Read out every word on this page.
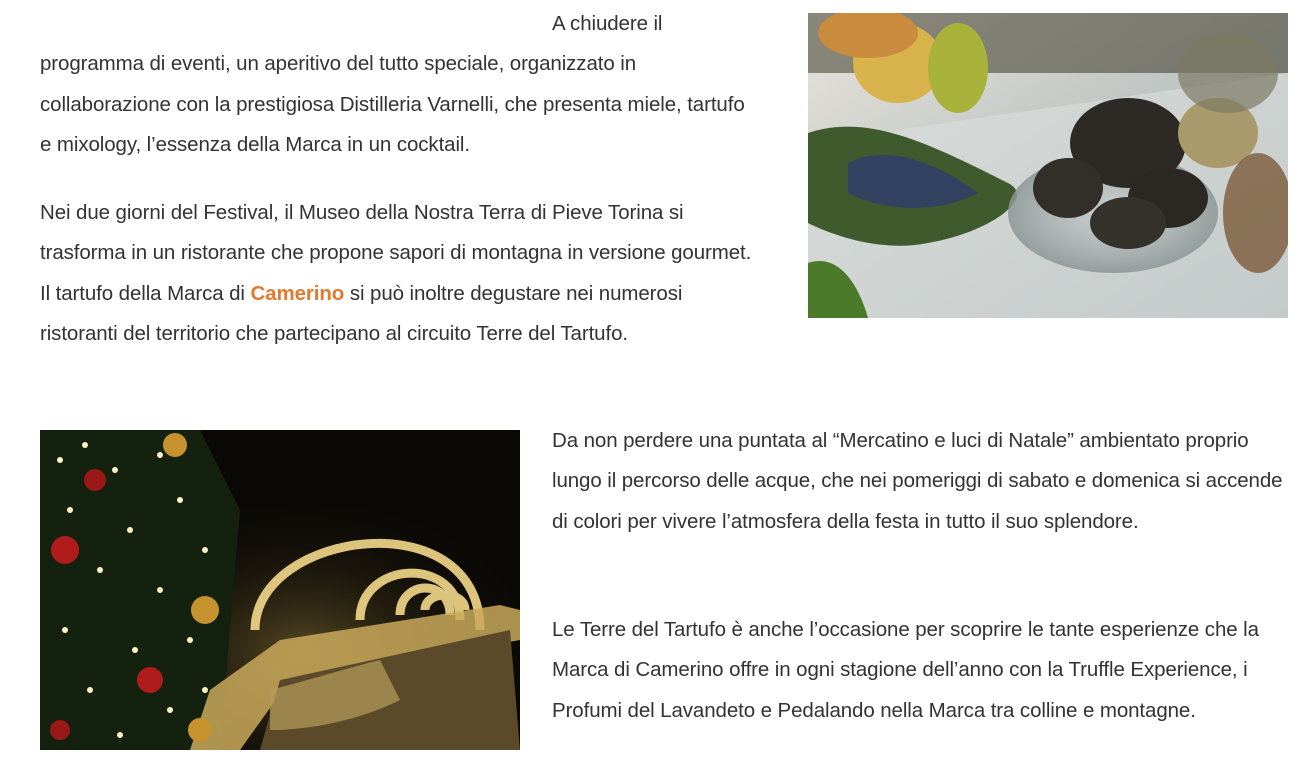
A chiudere il programma di eventi, un aperitivo del tutto speciale, organizzato in collaborazione con la prestigiosa Distilleria Varnelli, che presenta miele, tartufo e mixology, l’essenza della Marca in un cocktail.

Nei due giorni del Festival, il Museo della Nostra Terra di Pieve Torina si trasforma in un ristorante che propone sapori di montagna in versione gourmet. Il tartufo della Marca di Camerino si può inoltre degustare nei numerosi ristoranti del territorio che partecipano al circuito Terre del Tartufo.

Da non perdere una puntata al “Mercatino e luci di Natale” ambientato proprio lungo il percorso delle acque, che nei pomeriggi di sabato e domenica si accende di colori per vivere l’atmosfera della festa in tutto il suo splendore.

Le Terre del Tartufo è anche l’occasione per scoprire le tante esperienze che la Marca di Camerino offre in ogni stagione dell’anno con la Truffle Experience, i Profumi del Lavandeto e Pedalando nella Marca tra colline e montagne.
